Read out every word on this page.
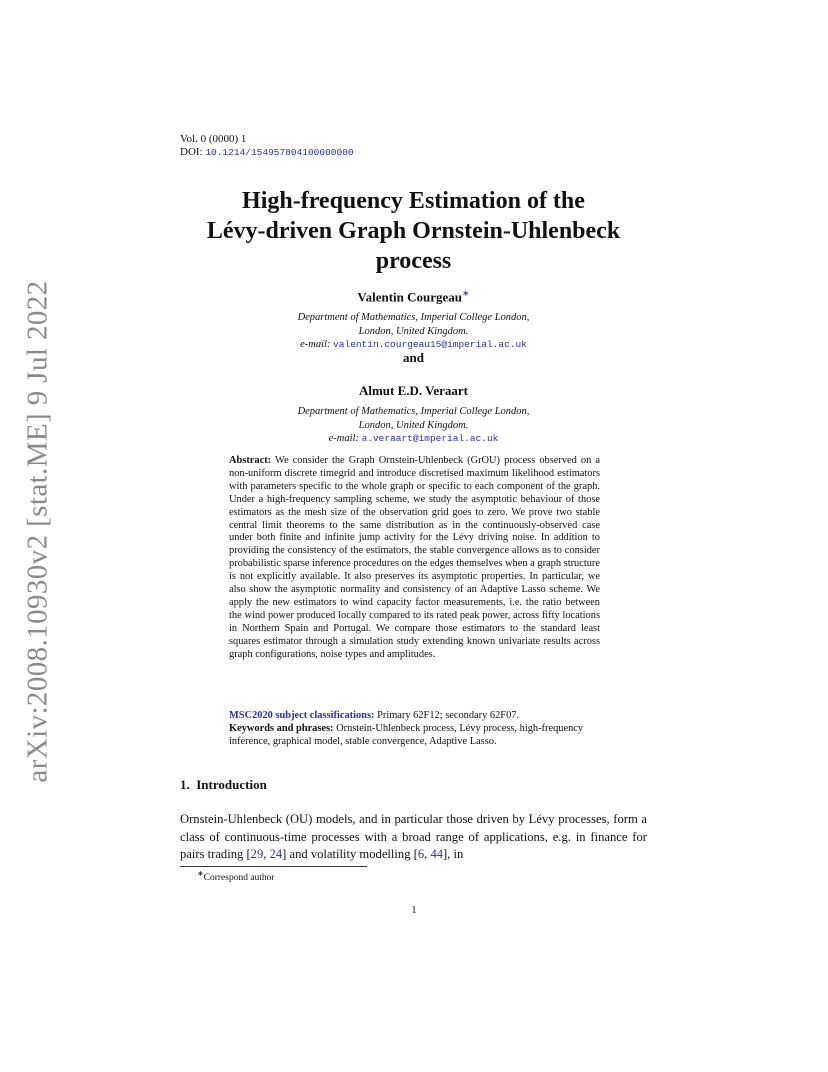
arXiv:2008.10930v2 [stat.ME] 9 Jul 2022
Vol. 0 (0000) 1
DOI: 10.1214/154957804100000000
High-frequency Estimation of the
Lévy-driven Graph Ornstein-Uhlenbeck
process
Valentin Courgeau∗
Department of Mathematics, Imperial College London,
London, United Kingdom.
e-mail: valentin.courgeau15@imperial.ac.uk
and
Almut E.D. Veraart
Department of Mathematics, Imperial College London,
London, United Kingdom.
e-mail: a.veraart@imperial.ac.uk
Abstract: We consider the Graph Ornstein-Uhlenbeck (GrOU) process observed on a non-uniform discrete timegrid and introduce discretised maximum likelihood estimators with parameters specific to the whole graph or specific to each component of the graph. Under a high-frequency sampling scheme, we study the asymptotic behaviour of those estimators as the mesh size of the observation grid goes to zero. We prove two stable central limit theorems to the same distribution as in the continuously-observed case under both finite and infinite jump activity for the Lévy driving noise. In addition to providing the consistency of the estimators, the stable convergence allows us to consider probabilistic sparse inference procedures on the edges themselves when a graph structure is not explicitly available. It also preserves its asymptotic properties. In particular, we also show the asymptotic normality and consistency of an Adaptive Lasso scheme. We apply the new estimators to wind capacity factor measurements, i.e. the ratio between the wind power produced locally compared to its rated peak power, across fifty locations in Northern Spain and Portugal. We compare those estimators to the standard least squares estimator through a simulation study extending known univariate results across graph configurations, noise types and amplitudes.
MSC2020 subject classifications: Primary 62F12; secondary 62F07.
Keywords and phrases: Ornstein-Uhlenbeck process, Lévy process, high-frequency inference, graphical model, stable convergence, Adaptive Lasso.
1. Introduction
Ornstein-Uhlenbeck (OU) models, and in particular those driven by Lévy processes, form a class of continuous-time processes with a broad range of applications, e.g. in finance for pairs trading [29, 24] and volatility modelling [6, 44], in
∗Correspond author
1
